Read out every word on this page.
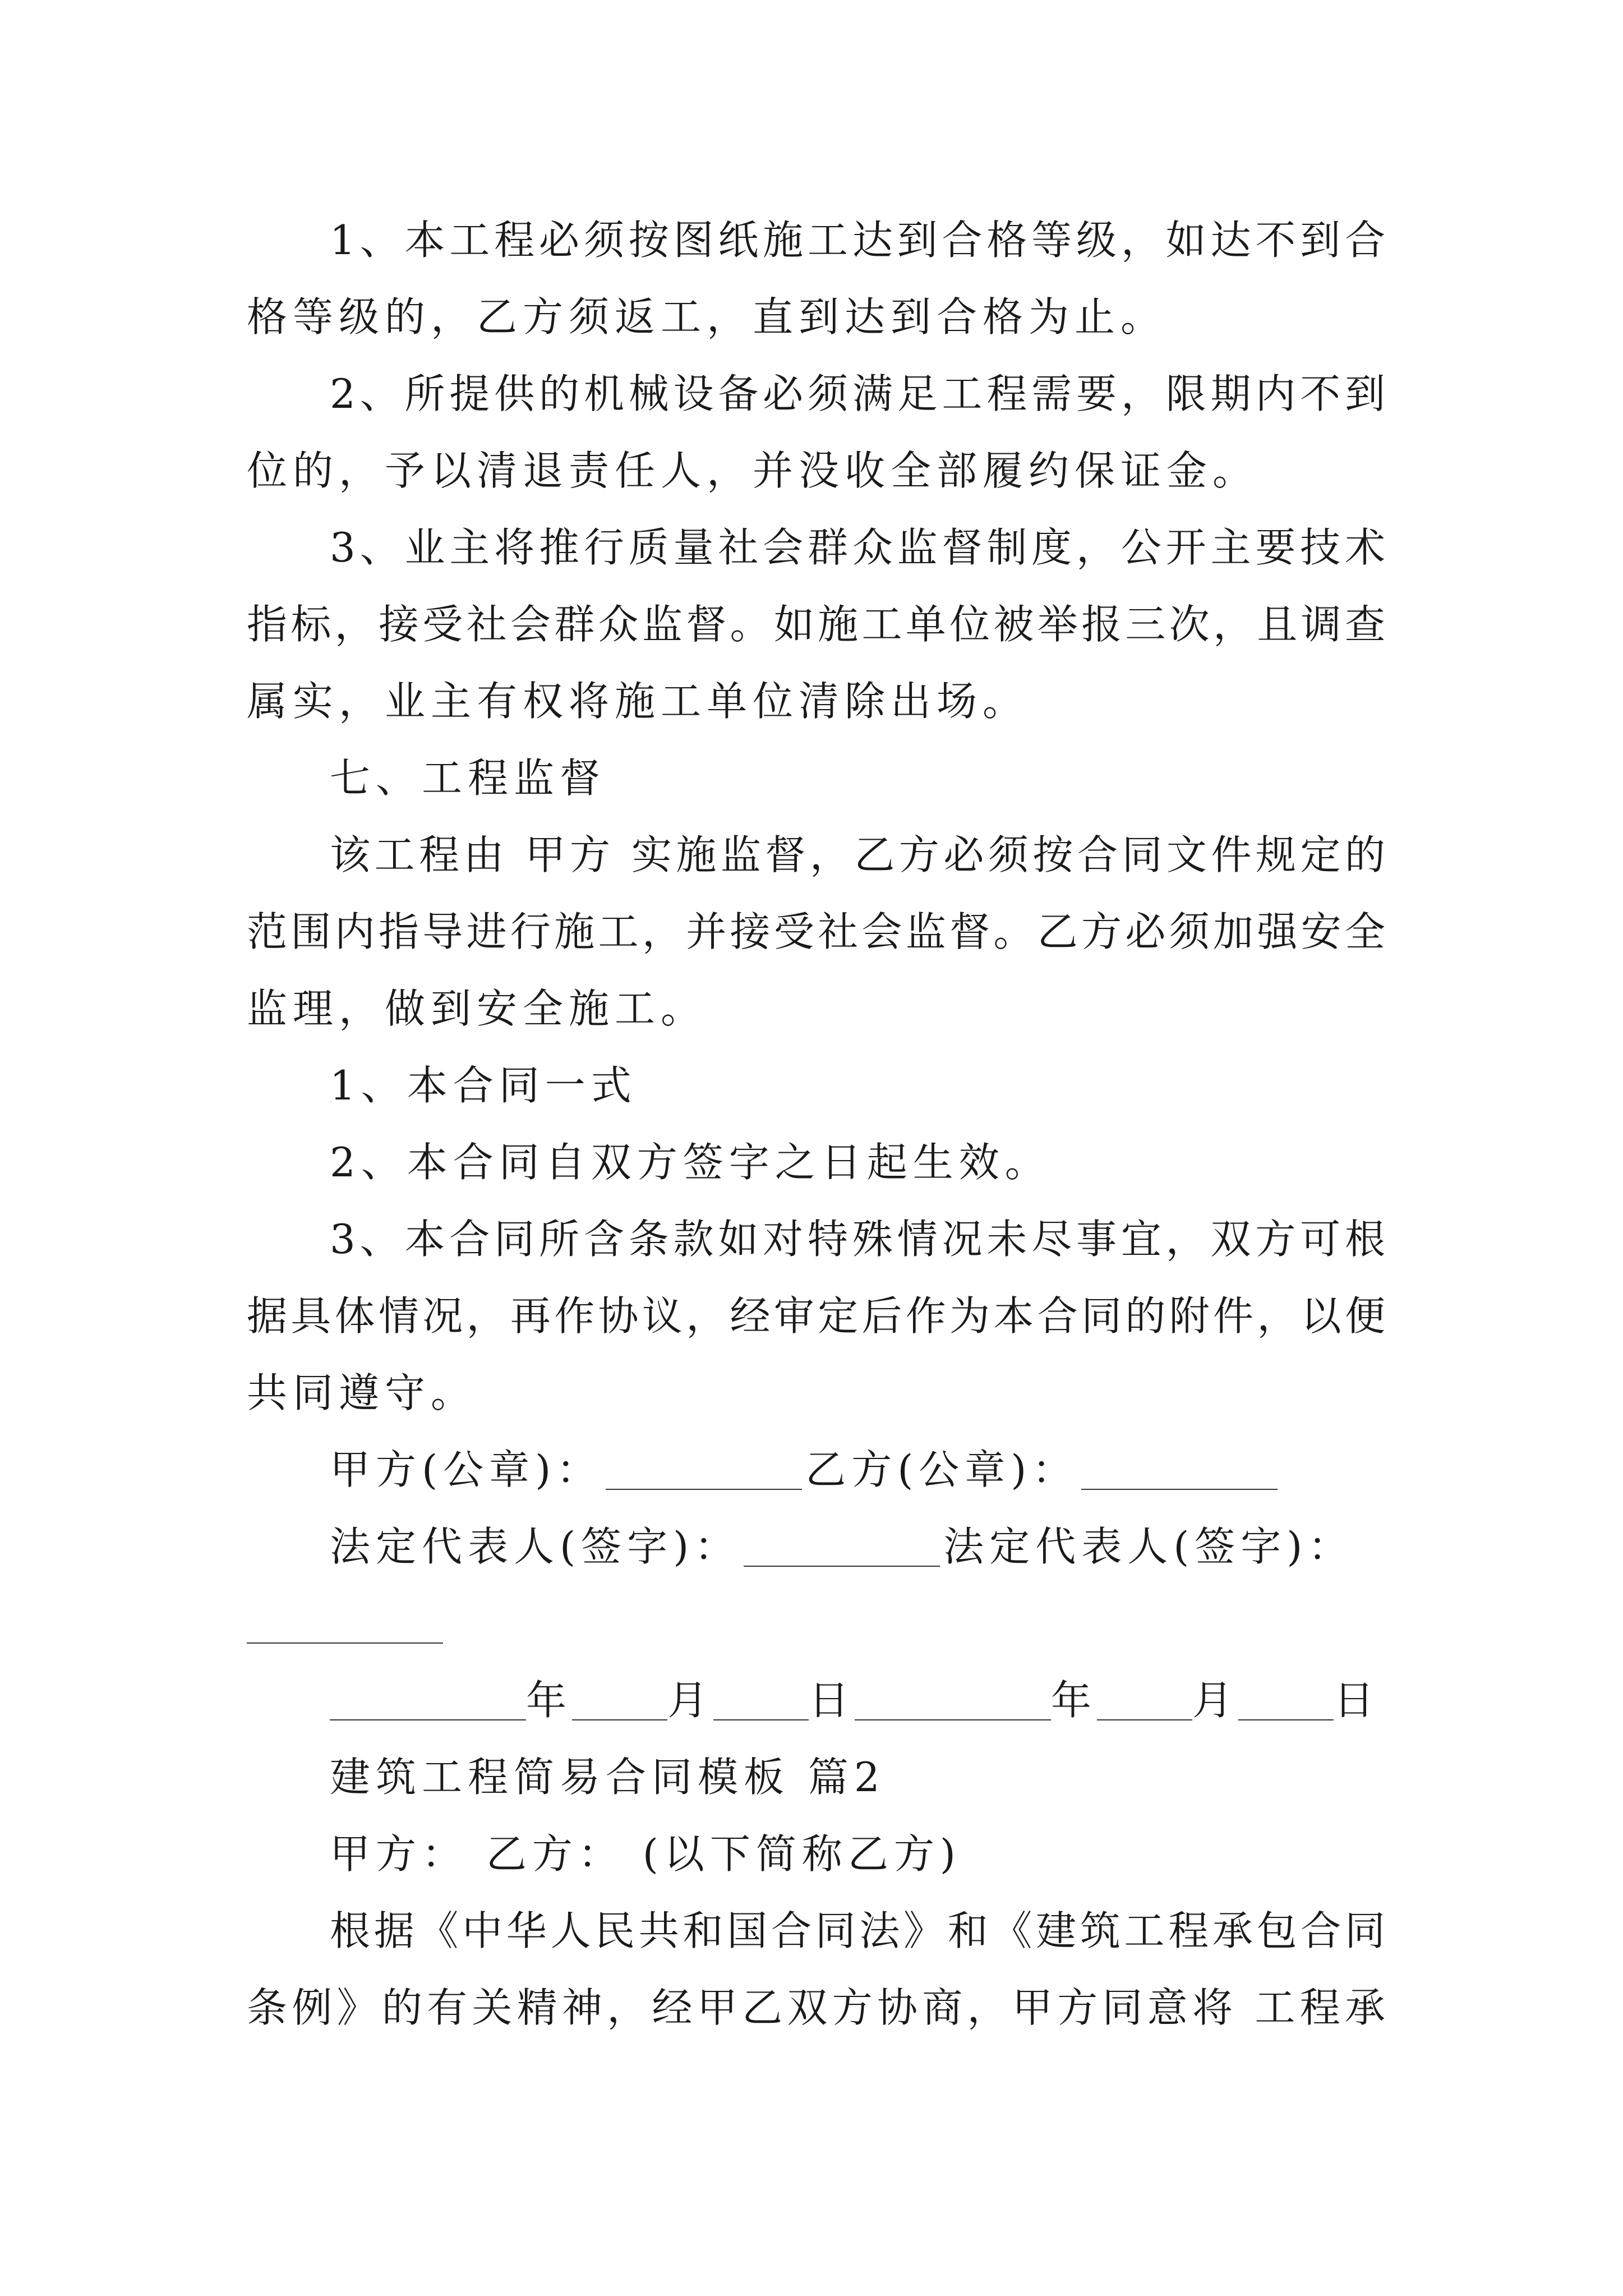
1、本工程必须按图纸施工达到合格等级，如达不到合
格等级的，乙方须返工，直到达到合格为止。
2、所提供的机械设备必须满足工程需要，限期内不到
位的，予以清退责任人，并没收全部履约保证金。
3、业主将推行质量社会群众监督制度，公开主要技术
指标，接受社会群众监督。如施工单位被举报三次，且调查
属实，业主有权将施工单位清除出场。
七、工程监督
该工程由 甲方 实施监督，乙方必须按合同文件规定的
范围内指导进行施工，并接受社会监督。乙方必须加强安全
监理，做到安全施工。
1、本合同一式
2、本合同自双方签字之日起生效。
3、本合同所含条款如对特殊情况未尽事宜，双方可根
据具体情况，再作协议，经审定后作为本合同的附件，以便
共同遵守。
甲方(公章)：	乙方(公章)：
法定代表人(签字)：	法定代表人(签字)：
年 月 日	年 月 日
建筑工程简易合同模板 篇2
甲方： 乙方： (以下简称乙方)
根据《中华人民共和国合同法》和《建筑工程承包合同
条例》的有关精神，经甲乙双方协商，甲方同意将 工程承
